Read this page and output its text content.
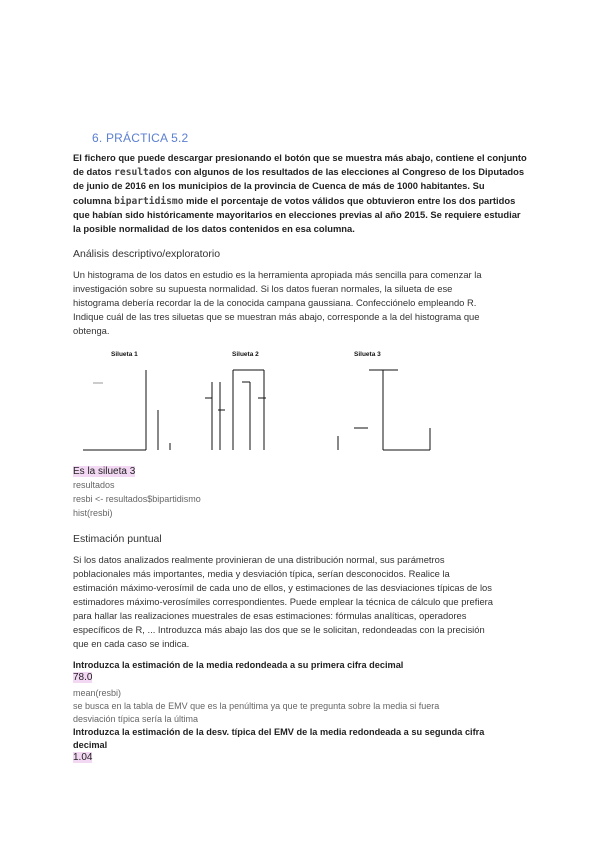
6. PRÁCTICA 5.2
El fichero que puede descargar presionando el botón que se muestra más abajo, contiene el conjunto
de datos resultados con algunos de los resultados de las elecciones al Congreso de los Diputados
de junio de 2016 en los municipios de la provincia de Cuenca de más de 1000 habitantes. Su
columna bipartidismo mide el porcentaje de votos válidos que obtuvieron entre los dos partidos
que habían sido históricamente mayoritarios en elecciones previas al año 2015. Se requiere estudiar
la posible normalidad de los datos contenidos en esa columna.
Análisis descriptivo/exploratorio
Un histograma de los datos en estudio es la herramienta apropiada más sencilla para comenzar la
investigación sobre su supuesta normalidad. Si los datos fueran normales, la silueta de ese
histograma debería recordar la de la conocida campana gaussiana. Confecciónelo empleando R.
Indique cuál de las tres siluetas que se muestran más abajo, corresponde a la del histograma que
obtenga.
Silueta 1	Silueta 2	Silueta 3
Es la silueta 3
resultados
resbi <- resultados$bipartidismo
hist(resbi)
Estimación puntual
Si los datos analizados realmente provinieran de una distribución normal, sus parámetros
poblacionales más importantes, media y desviación típica, serían desconocidos. Realice la
estimación máximo-verosímil de cada uno de ellos, y estimaciones de las desviaciones típicas de los
estimadores máximo-verosímiles correspondientes. Puede emplear la técnica de cálculo que prefiera
para hallar las realizaciones muestrales de esas estimaciones: fórmulas analíticas, operadores
específicos de R, ... Introduzca más abajo las dos que se le solicitan, redondeadas con la precisión
que en cada caso se indica.
Introduzca la estimación de la media redondeada a su primera cifra decimal
78.0
mean(resbi)
se busca en la tabla de EMV que es la penúltima ya que te pregunta sobre la media si fuera
desviación típica sería la última
Introduzca la estimación de la desv. típica del EMV de la media redondeada a su segunda cifra
decimal
1.04
